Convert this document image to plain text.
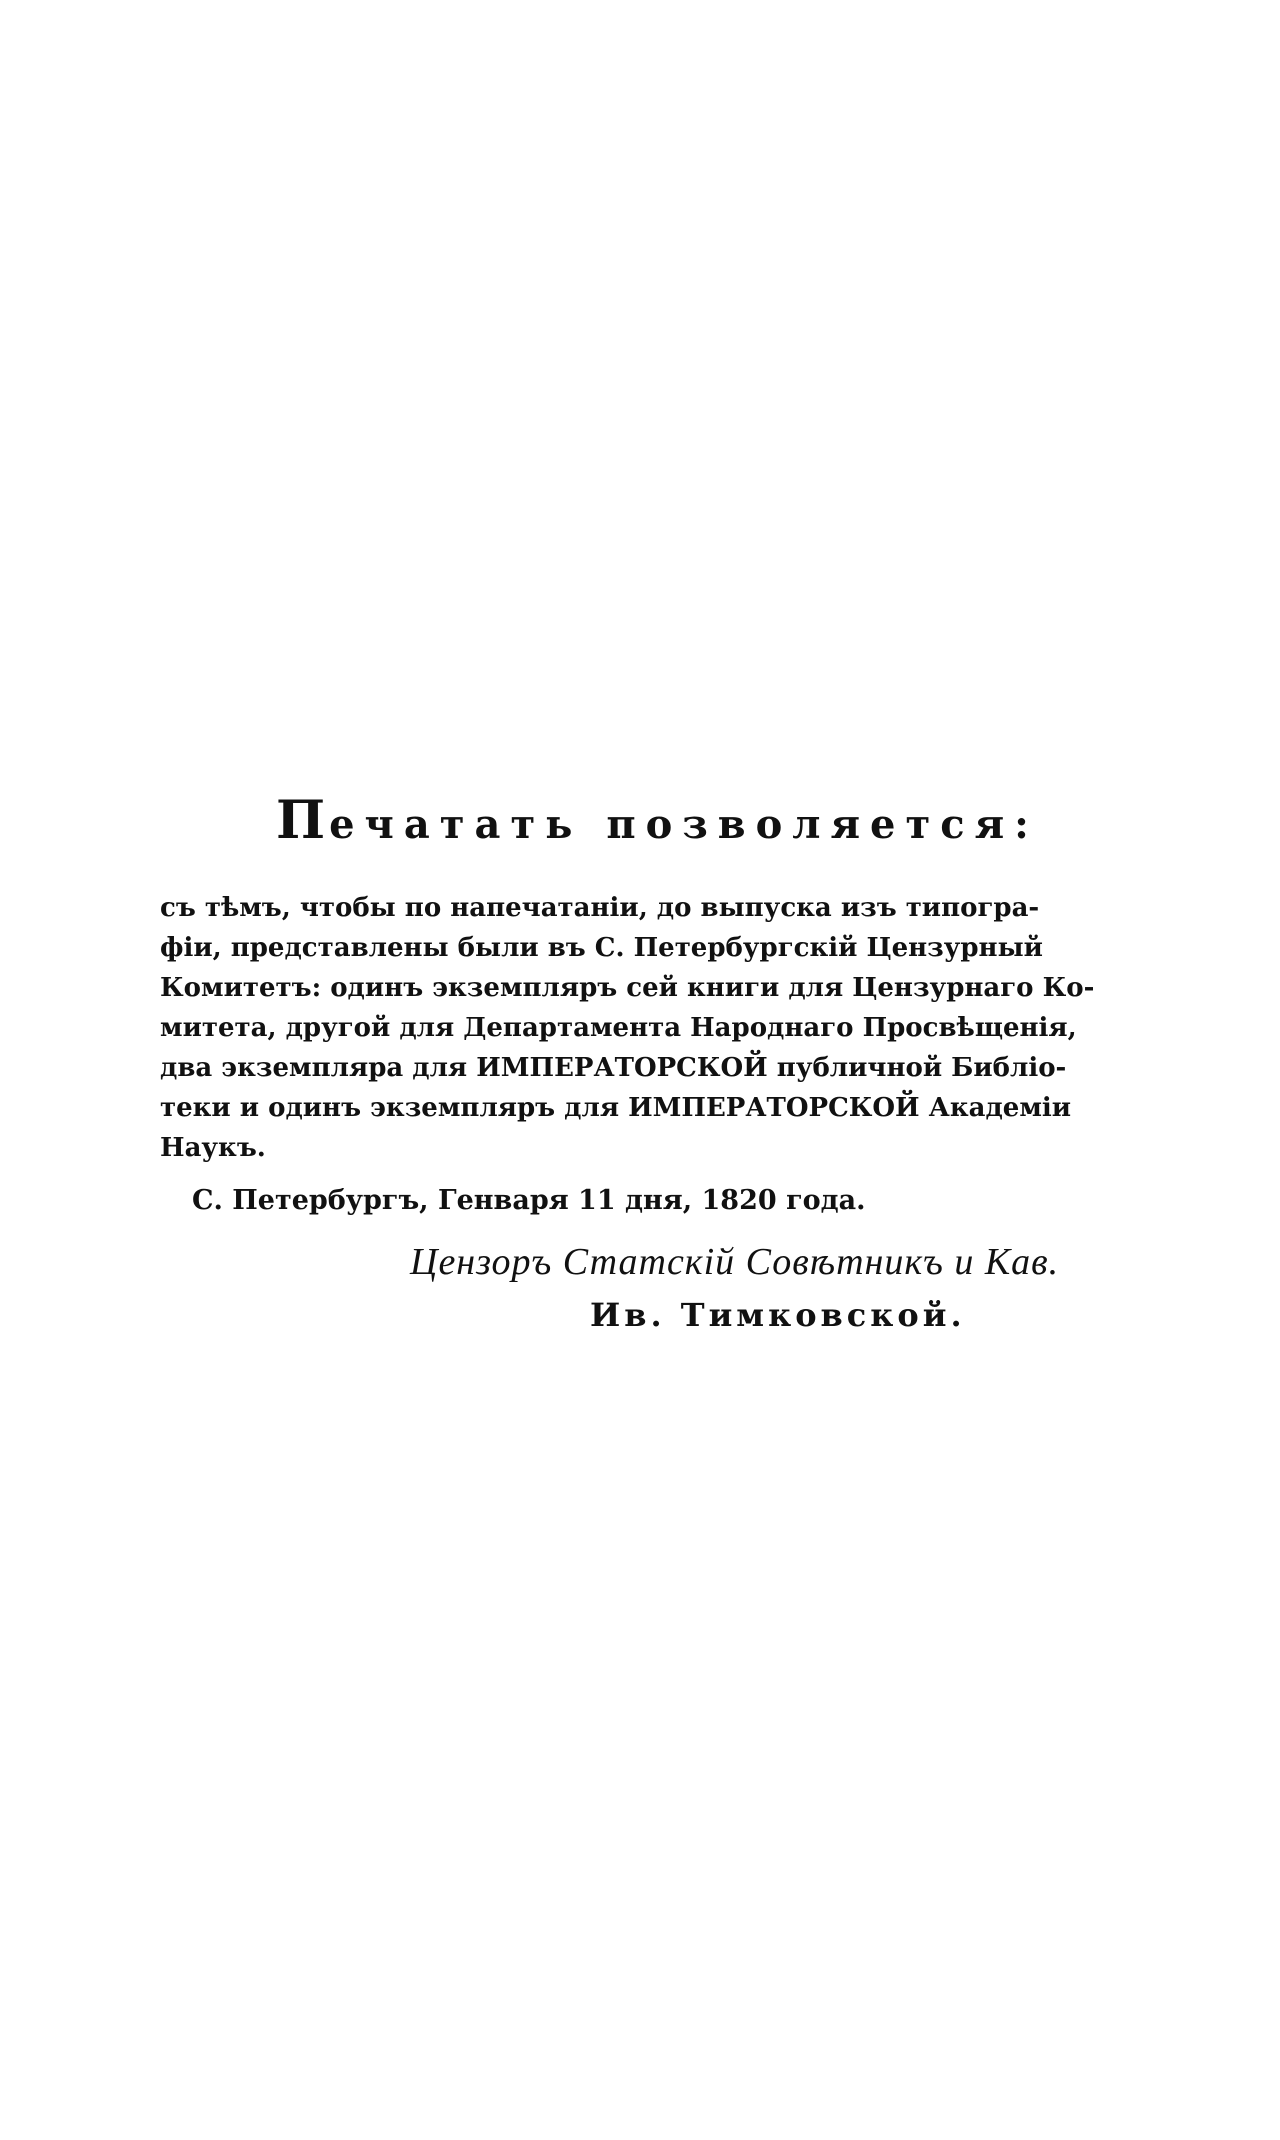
Печатать позволяется:
съ тѣмъ, чтобы по напечатаніи, до выпуска изъ типогра-
фіи, представлены были въ С. Петербургскій Цензурный
Комитетъ: одинъ экземпляръ сей книги для Цензурнаго Ко-
митета, другой для Департамента Народнаго Просвѣщенія,
два экземпляра для ИМПЕРАТОРСКОЙ публичной Библіо-
теки и одинъ экземпляръ для ИМПЕРАТОРСКОЙ Академіи
Наукъ.
С. Петербургъ, Генваря 11 дня, 1820 года.
Цензоръ Статскій Совѣтникъ и Кав.
Ив. Тимковской.
